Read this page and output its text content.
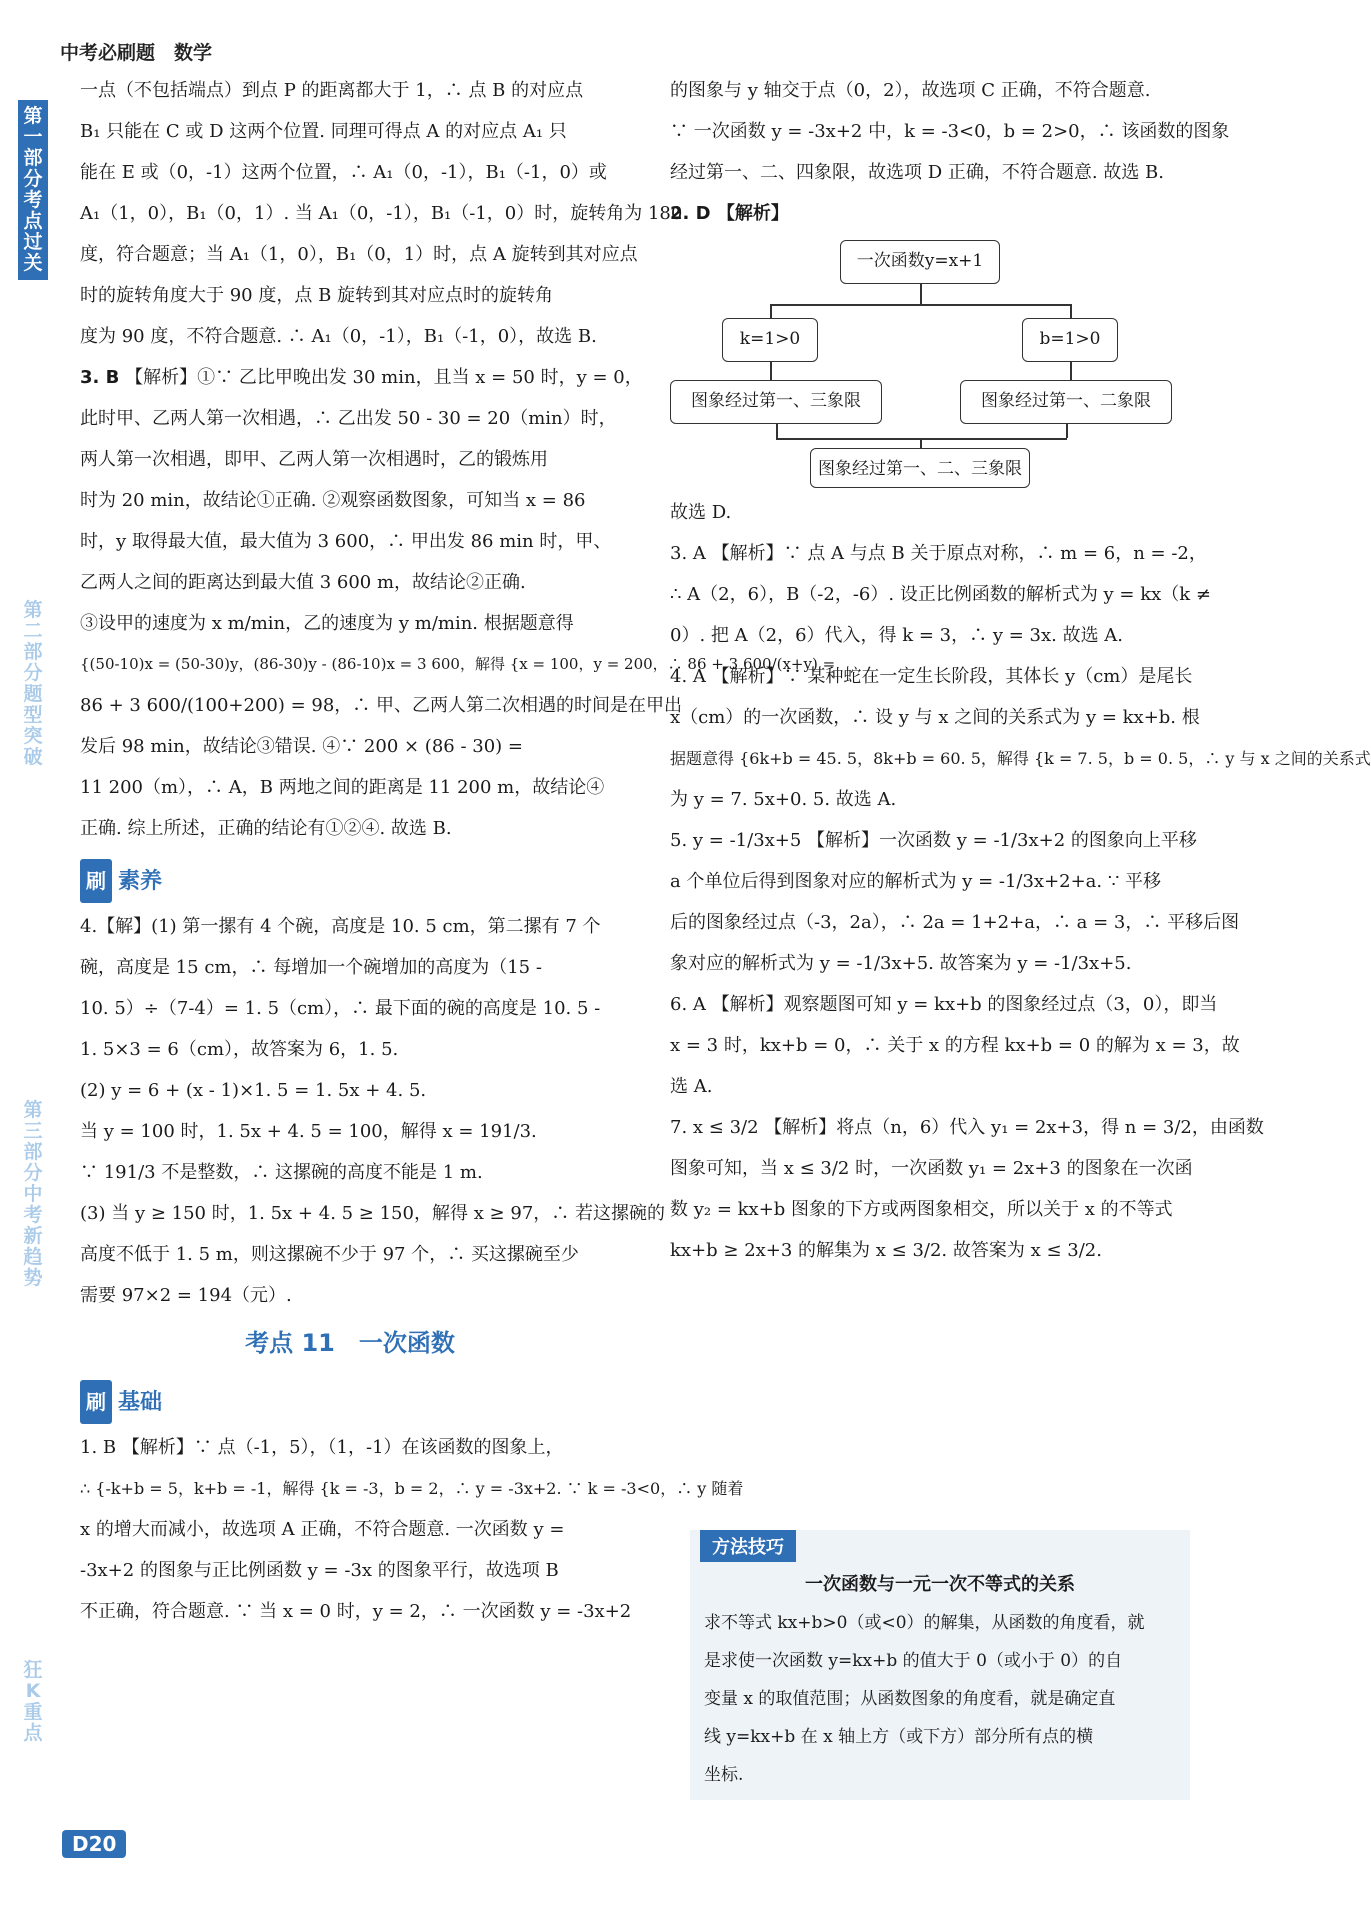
第一部分　考点过关
第二部分　题型突破
第三部分　中考新趋势
狂K重点
中考必刷题　数学
一点（不包括端点）到点 P 的距离都大于 1，∴ 点 B 的对应点
B₁ 只能在 C 或 D 这两个位置. 同理可得点 A 的对应点 A₁ 只
能在 E 或（0，-1）这两个位置，∴ A₁（0，-1），B₁（-1，0）或
A₁（1，0），B₁（0，1）. 当 A₁（0，-1），B₁（-1，0）时，旋转角为 180
度，符合题意；当 A₁（1，0），B₁（0，1）时，点 A 旋转到其对应点
时的旋转角度大于 90 度，点 B 旋转到其对应点时的旋转角
度为 90 度，不符合题意. ∴ A₁（0，-1），B₁（-1，0），故选 B.
3. B 【解析】①∵ 乙比甲晚出发 30 min，且当 x = 50 时，y = 0，
此时甲、乙两人第一次相遇，∴ 乙出发 50 - 30 = 20（min）时，
两人第一次相遇，即甲、乙两人第一次相遇时，乙的锻炼用
时为 20 min，故结论①正确. ②观察函数图象，可知当 x = 86
时，y 取得最大值，最大值为 3 600，∴ 甲出发 86 min 时，甲、
乙两人之间的距离达到最大值 3 600 m，故结论②正确.
③设甲的速度为 x m/min，乙的速度为 y m/min. 根据题意得
{(50-10)x = (50-30)y，(86-30)y - (86-10)x = 3 600，解得 {x = 100，y = 200，∴ 86 + 3 600/(x+y) =
86 + 3 600/(100+200) = 98，∴ 甲、乙两人第二次相遇的时间是在甲出
发后 98 min，故结论③错误. ④∵ 200 × (86 - 30) =
11 200（m），∴ A，B 两地之间的距离是 11 200 m，故结论④
正确. 综上所述，正确的结论有①②④. 故选 B.
刷 素养
4.【解】(1) 第一摞有 4 个碗，高度是 10. 5 cm，第二摞有 7 个
碗，高度是 15 cm，∴ 每增加一个碗增加的高度为（15 -
10. 5）÷（7-4）= 1. 5（cm），∴ 最下面的碗的高度是 10. 5 -
1. 5×3 = 6（cm），故答案为 6，1. 5.
(2) y = 6 + (x - 1)×1. 5 = 1. 5x + 4. 5.
当 y = 100 时，1. 5x + 4. 5 = 100，解得 x = 191/3.
∵ 191/3 不是整数，∴ 这摞碗的高度不能是 1 m.
(3) 当 y ≥ 150 时，1. 5x + 4. 5 ≥ 150，解得 x ≥ 97，∴ 若这摞碗的
高度不低于 1. 5 m，则这摞碗不少于 97 个，∴ 买这摞碗至少
需要 97×2 = 194（元）.
考点 11　一次函数
刷 基础
1. B 【解析】∵ 点（-1，5），（1，-1）在该函数的图象上，
∴ {-k+b = 5，k+b = -1，解得 {k = -3，b = 2，∴ y = -3x+2. ∵ k = -3<0，∴ y 随着
x 的增大而减小，故选项 A 正确，不符合题意. 一次函数 y =
-3x+2 的图象与正比例函数 y = -3x 的图象平行，故选项 B
不正确，符合题意. ∵ 当 x = 0 时，y = 2，∴ 一次函数 y = -3x+2
的图象与 y 轴交于点（0，2），故选项 C 正确，不符合题意.
∵ 一次函数 y = -3x+2 中，k = -3<0，b = 2>0，∴ 该函数的图象
经过第一、二、四象限，故选项 D 正确，不符合题意. 故选 B.
2. D 【解析】
一次函数y=x+1
k=1>0	b=1>0
图象经过第一、三象限	图象经过第一、二象限
图象经过第一、二、三象限
故选 D.
3. A 【解析】∵ 点 A 与点 B 关于原点对称，∴ m = 6，n = -2，
∴ A（2，6），B（-2，-6）. 设正比例函数的解析式为 y = kx（k ≠
0）. 把 A（2，6）代入，得 k = 3，∴ y = 3x. 故选 A.
4. A 【解析】∵ 某种蛇在一定生长阶段，其体长 y（cm）是尾长
x（cm）的一次函数，∴ 设 y 与 x 之间的关系式为 y = kx+b. 根
据题意得 {6k+b = 45. 5，8k+b = 60. 5，解得 {k = 7. 5，b = 0. 5，∴ y 与 x 之间的关系式
为 y = 7. 5x+0. 5. 故选 A.
5. y = -1/3x+5 【解析】一次函数 y = -1/3x+2 的图象向上平移
a 个单位后得到图象对应的解析式为 y = -1/3x+2+a. ∵ 平移
后的图象经过点（-3，2a），∴ 2a = 1+2+a，∴ a = 3，∴ 平移后图
象对应的解析式为 y = -1/3x+5. 故答案为 y = -1/3x+5.
6. A 【解析】观察题图可知 y = kx+b 的图象经过点（3，0），即当
x = 3 时，kx+b = 0，∴ 关于 x 的方程 kx+b = 0 的解为 x = 3，故
选 A.
7. x ≤ 3/2 【解析】将点（n，6）代入 y₁ = 2x+3，得 n = 3/2，由函数
图象可知，当 x ≤ 3/2 时，一次函数 y₁ = 2x+3 的图象在一次函
数 y₂ = kx+b 图象的下方或两图象相交，所以关于 x 的不等式
kx+b ≥ 2x+3 的解集为 x ≤ 3/2. 故答案为 x ≤ 3/2.
方法技巧
一次函数与一元一次不等式的关系
求不等式 kx+b>0（或<0）的解集，从函数的角度看，就
是求使一次函数 y=kx+b 的值大于 0（或小于 0）的自
变量 x 的取值范围；从函数图象的角度看，就是确定直
线 y=kx+b 在 x 轴上方（或下方）部分所有点的横
坐标.
D20
